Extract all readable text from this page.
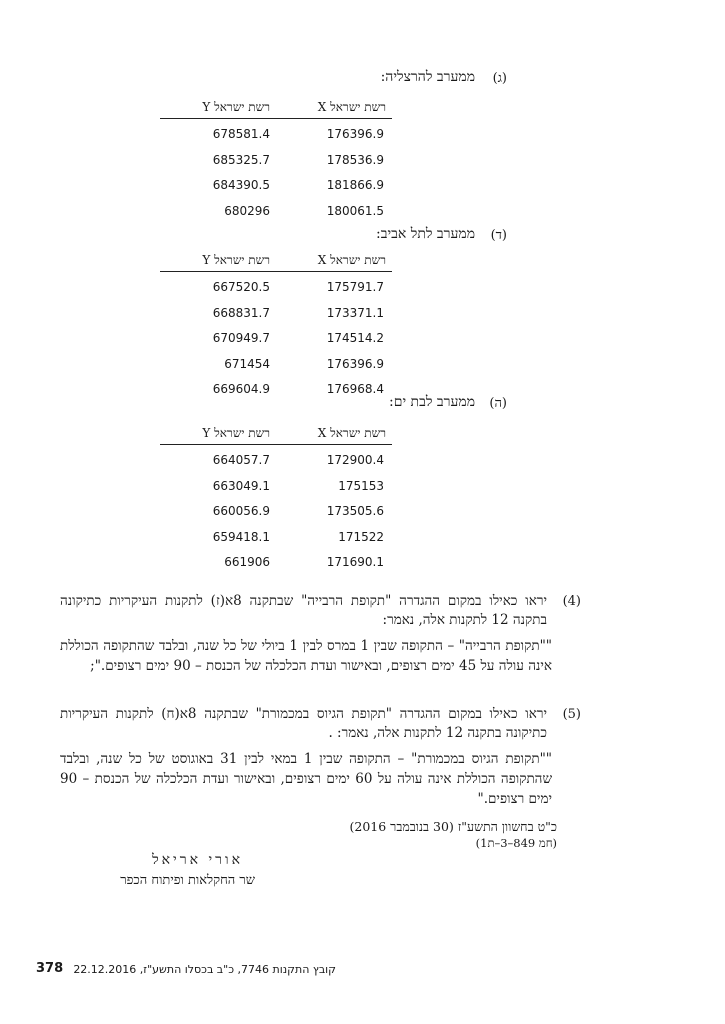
(ג)
ממערב להרצליה:
רשת ישראל X
רשת ישראל Y
176396.9
678581.4
178536.9
685325.7
181866.9
684390.5
180061.5
680296
(ד)
ממערב לתל אביב:
רשת ישראל X
רשת ישראל Y
175791.7
667520.5
173371.1
668831.7
174514.2
670949.7
176396.9
671454
176968.4
669604.9
(ה)
ממערב לבת ים:
רשת ישראל X
רשת ישראל Y
172900.4
664057.7
175153
663049.1
173505.6
660056.9
171522
659418.1
171690.1
661906
(4)
יראו כאילו במקום ההגדרה "תקופת הרבייה" שבתקנה 8א(ז) לתקנות העיקריות כתיקונה בתקנה 12 לתקנות אלה, נאמר:
""תקופת הרבייה" – התקופה שבין 1 במרס לבין 1 ביולי של כל שנה, ובלבד שהתקופה הכוללת אינה עולה על 45 ימים רצופים, ובאישור ועדת הכלכלה של הכנסת – 90 ימים רצופים.";
(5)
יראו כאילו במקום ההגדרה "תקופת הגיוס במכמורת" שבתקנה 8א(ח) לתקנות העיקריות כתיקונה בתקנה 12 לתקנות אלה, נאמר: .
""תקופת הגיוס במכמורת" – התקופה שבין 1 במאי לבין 31 באוגוסט של כל שנה, ובלבד שהתקופה הכוללת אינה עולה על 60 ימים רצופים, ובאישור ועדת הכלכלה של הכנסת – 90 ימים רצופים."
כ"ט בחשוון התשע"ז (30 בנובמבר 2016)
(חמ 849–3–ת1)
אורי אריאל
שר החקלאות ופיתוח הכפר
קובץ התקנות 7746, כ"ב בכסלו התשע"ז, 22.12.2016
378
